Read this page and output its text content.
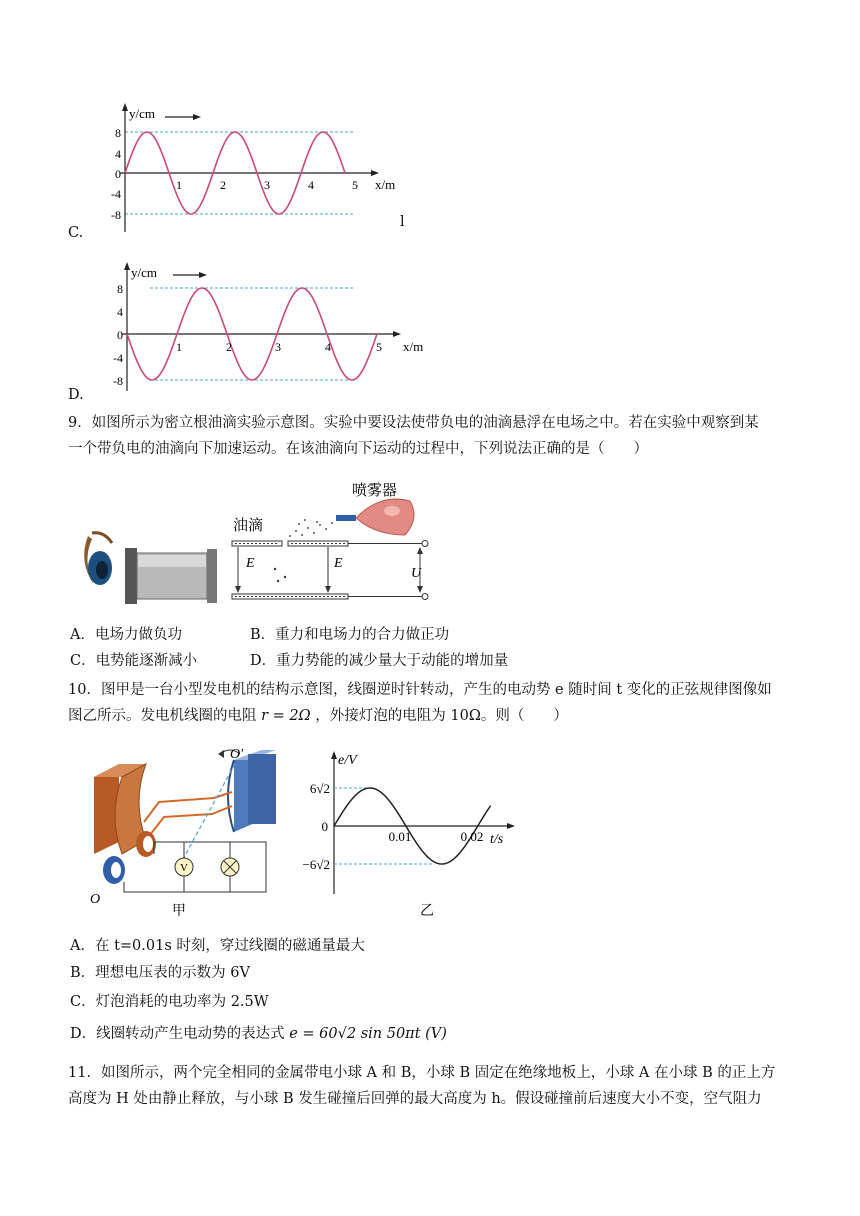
y/cm
x/m
8
4
0
-4
-8
1	2	3	4	5
C.
l
y/cm
x/m
8
4
0
-4
-8
1	2	3	4	5
D.
9．如图所示为密立根油滴实验示意图。实验中要设法使带负电的油滴悬浮在电场之中。若在实验中观察到某
一个带负电的油滴向下加速运动。在该油滴向下运动的过程中，下列说法正确的是（　　）
喷雾器
油滴
E	E
U
A．电场力做负功	B．重力和电场力的合力做正功
C．电势能逐渐减小	D．重力势能的减少量大于动能的增加量
10．图甲是一台小型发电机的结构示意图，线圈逆时针转动，产生的电动势 e 随时间 t 变化的正弦规律图像如
图乙所示。发电机线圈的电阻 r = 2Ω ，外接灯泡的电阻为 10Ω。则（　　）
V
O′
O
甲
e/V
t/s
6√2
0
−6√2
0.01	0.02
乙
A．在 t=0.01s 时刻，穿过线圈的磁通量最大
B．理想电压表的示数为 6V
C．灯泡消耗的电功率为 2.5W
D．线圈转动产生电动势的表达式 e = 60√2 sin 50πt (V)
11．如图所示，两个完全相同的金属带电小球 A 和 B，小球 B 固定在绝缘地板上，小球 A 在小球 B 的正上方
高度为 H 处由静止释放，与小球 B 发生碰撞后回弹的最大高度为 h。假设碰撞前后速度大小不变，空气阻力
